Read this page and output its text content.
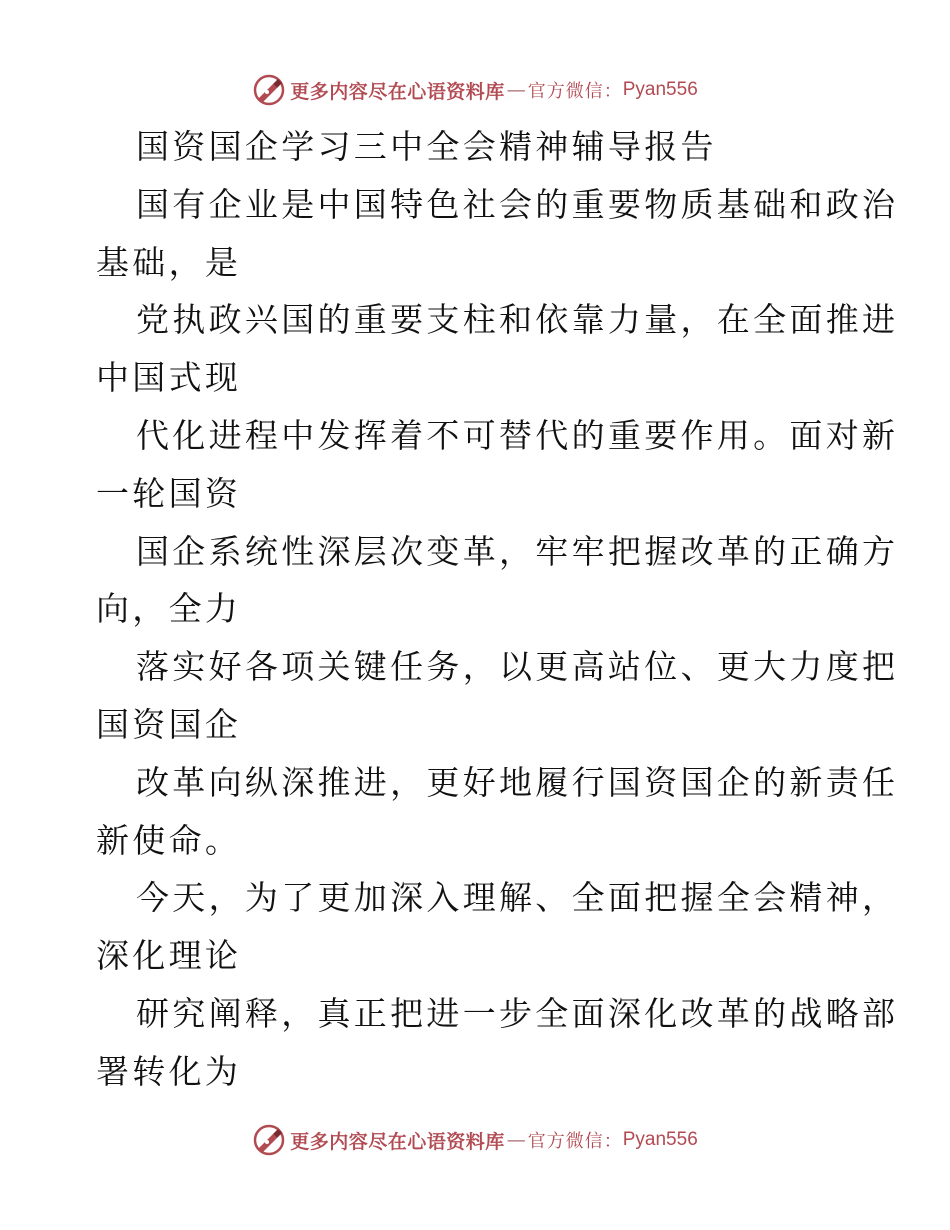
更多内容尽在心语资料库 — 官方微信： Pyan556
国资国企学习三中全会精神辅导报告
国有企业是中国特色社会的重要物质基础和政治
基础，是
党执政兴国的重要支柱和依靠力量，在全面推进
中国式现
代化进程中发挥着不可替代的重要作用。面对新
一轮国资
国企系统性深层次变革，牢牢把握改革的正确方
向，全力
落实好各项关键任务，以更高站位、更大力度把
国资国企
改革向纵深推进，更好地履行国资国企的新责任
新使命。
今天，为了更加深入理解、全面把握全会精神，
深化理论
研究阐释，真正把进一步全面深化改革的战略部
署转化为
更多内容尽在心语资料库 — 官方微信： Pyan556
